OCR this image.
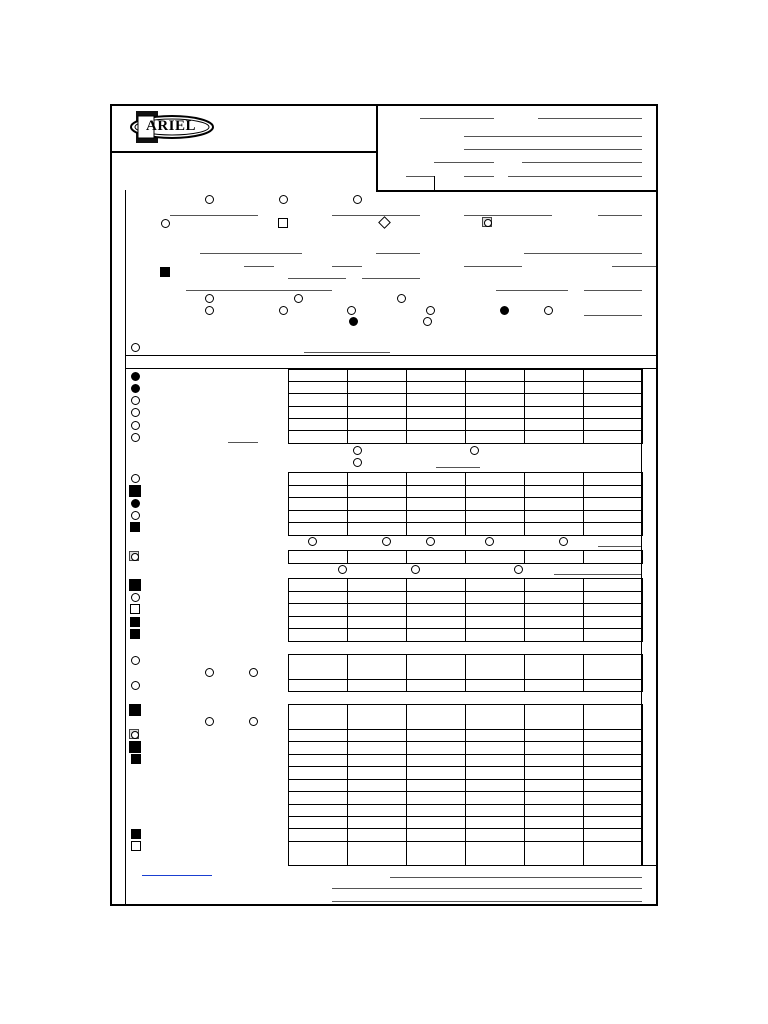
ARIEL
